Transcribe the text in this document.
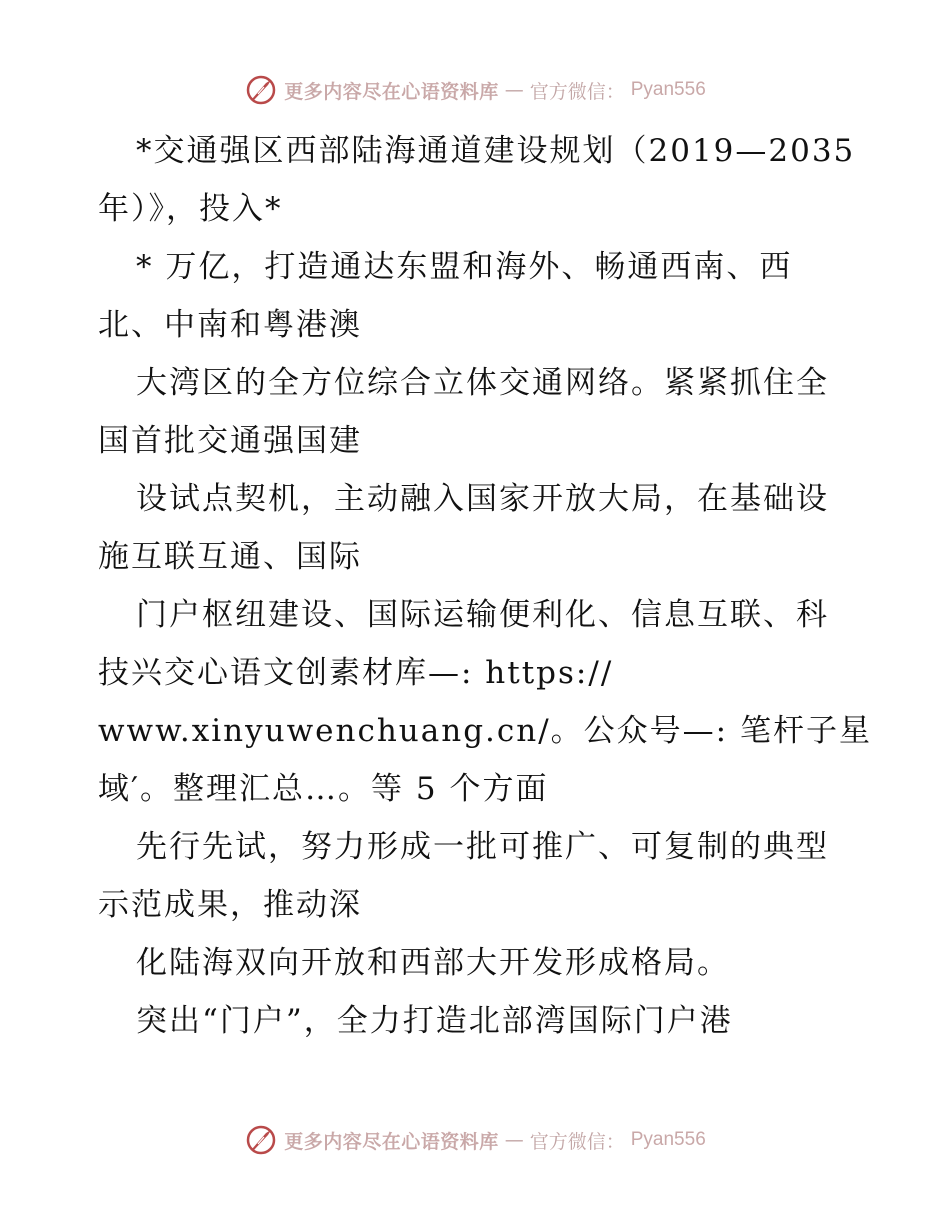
更多内容尽在心语资料库 — 官方微信： Pyan556
*交通强区西部陆海通道建设规划（2019—2035
年）》，投入*
* 万亿，打造通达东盟和海外、畅通西南、西
北、中南和粤港澳
大湾区的全方位综合立体交通网络。紧紧抓住全
国首批交通强国建
设试点契机，主动融入国家开放大局，在基础设
施互联互通、国际
门户枢纽建设、国际运输便利化、信息互联、科
技兴交心语文创素材库—: https://
www.xinyuwenchuang.cn/。公众号—: 笔杆子星
域′。整理汇总…。等 5 个方面
先行先试，努力形成一批可推广、可复制的典型
示范成果，推动深
化陆海双向开放和西部大开发形成格局。
突出“门户”，全力打造北部湾国际门户港
更多内容尽在心语资料库 — 官方微信： Pyan556
